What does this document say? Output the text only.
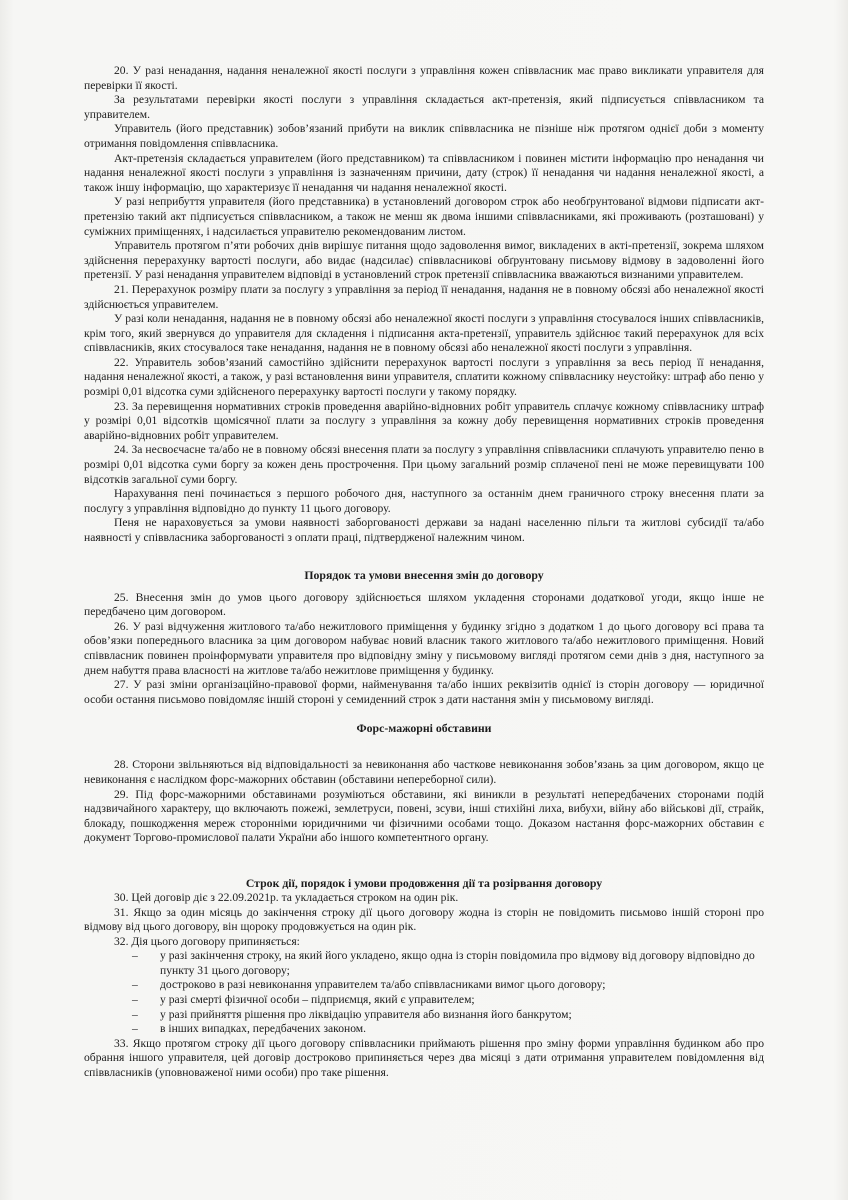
20. У разі ненадання, надання неналежної якості послуги з управління кожен співвласник має право викликати управителя для перевірки її якості.

За результатами перевірки якості послуги з управління складається акт-претензія, який підписується співвласником та управителем.

Управитель (його представник) зобов’язаний прибути на виклик співвласника не пізніше ніж протягом однієї доби з моменту отримання повідомлення співвласника.

Акт-претензія складається управителем (його представником) та співвласником і повинен містити інформацію про ненадання чи надання неналежної якості послуги з управління із зазначенням причини, дату (строк) її ненадання чи надання неналежної якості, а також іншу інформацію, що характеризує її ненадання чи надання неналежної якості.

У разі неприбуття управителя (його представника) в установлений договором строк або необґрунтованої відмови підписати акт-претензію такий акт підписується співвласником, а також не менш як двома іншими співвласниками, які проживають (розташовані) у суміжних приміщеннях, і надсилається управителю рекомендованим листом.

Управитель протягом п’яти робочих днів вирішує питання щодо задоволення вимог, викладених в акті-претензії, зокрема шляхом здійснення перерахунку вартості послуги, або видає (надсилає) співвласникові обґрунтовану письмову відмову в задоволенні його претензії. У разі ненадання управителем відповіді в установлений строк претензії співвласника вважаються визнаними управителем.

21. Перерахунок розміру плати за послугу з управління за період її ненадання, надання не в повному обсязі або неналежної якості здійснюється управителем.

У разі коли ненадання, надання не в повному обсязі або неналежної якості послуги з управління стосувалося інших співвласників, крім того, який звернувся до управителя для складення і підписання акта-претензії, управитель здійснює такий перерахунок для всіх співвласників, яких стосувалося таке ненадання, надання не в повному обсязі або неналежної якості послуги з управління.

22. Управитель зобов’язаний самостійно здійснити перерахунок вартості послуги з управління за весь період її ненадання, надання неналежної якості, а також, у разі встановлення вини управителя, сплатити кожному співвласнику неустойку: штраф або пеню у розмірі 0,01 відсотка суми здійсненого перерахунку вартості послуги у такому порядку.

23. За перевищення нормативних строків проведення аварійно-відновних робіт управитель сплачує кожному співвласнику штраф у розмірі 0,01 відсотків щомісячної плати за послугу з управління за кожну добу перевищення нормативних строків проведення аварійно-відновних робіт управителем.

24. За несвоєчасне та/або не в повному обсязі внесення плати за послугу з управління співвласники сплачують управителю пеню в розмірі 0,01 відсотка суми боргу за кожен день прострочення. При цьому загальний розмір сплаченої пені не може перевищувати 100 відсотків загальної суми боргу.

Нарахування пені починається з першого робочого дня, наступного за останнім днем граничного строку внесення плати за послугу з управління відповідно до пункту 11 цього договору.

Пеня не нараховується за умови наявності заборгованості держави за надані населенню пільги та житлові субсидії та/або наявності у співвласника заборгованості з оплати праці, підтвердженої належним чином.

Порядок та умови внесення змін до договору

25. Внесення змін до умов цього договору здійснюється шляхом укладення сторонами додаткової угоди, якщо інше не передбачено цим договором.

26. У разі відчуження житлового та/або нежитлового приміщення у будинку згідно з додатком 1 до цього договору всі права та обов’язки попереднього власника за цим договором набуває новий власник такого житлового та/або нежитлового приміщення. Новий співвласник повинен проінформувати управителя про відповідну зміну у письмовому вигляді протягом семи днів з дня, наступного за днем набуття права власності на житлове та/або нежитлове приміщення у будинку.

27. У разі зміни організаційно-правової форми, найменування та/або інших реквізитів однієї із сторін договору — юридичної особи остання письмово повідомляє іншій стороні у семиденний строк з дати настання змін у письмовому вигляді.

Форс-мажорні обставини

28. Сторони звільняються від відповідальності за невиконання або часткове невиконання зобов’язань за цим договором, якщо це невиконання є наслідком форс-мажорних обставин (обставини непереборної сили).

29. Під форс-мажорними обставинами розуміються обставини, які виникли в результаті непередбачених сторонами подій надзвичайного характеру, що включають пожежі, землетруси, повені, зсуви, інші стихійні лиха, вибухи, війну або військові дії, страйк, блокаду, пошкодження мереж сторонніми юридичними чи фізичними особами тощо. Доказом настання форс-мажорних обставин є документ Торгово-промислової палати України або іншого компетентного органу.

Строк дії, порядок і умови продовження дії та розірвання договору

30. Цей договір діє з 22.09.2021р. та укладається строком на один рік.

31. Якщо за один місяць до закінчення строку дії цього договору жодна із сторін не повідомить письмово іншій стороні про відмову від цього договору, він щороку продовжується на один рік.

32. Дія цього договору припиняється:

– у разі закінчення строку, на який його укладено, якщо одна із сторін повідомила про відмову від договору відповідно до пункту 31 цього договору;
– достроково в разі невиконання управителем та/або співвласниками вимог цього договору;
– у разі смерті фізичної особи – підприємця, який є управителем;
– у разі прийняття рішення про ліквідацію управителя або визнання його банкрутом;
– в інших випадках, передбачених законом.

33. Якщо протягом строку дії цього договору співвласники приймають рішення про зміну форми управління будинком або про обрання іншого управителя, цей договір достроково припиняється через два місяці з дати отримання управителем повідомлення від співвласників (уповноваженої ними особи) про таке рішення.
